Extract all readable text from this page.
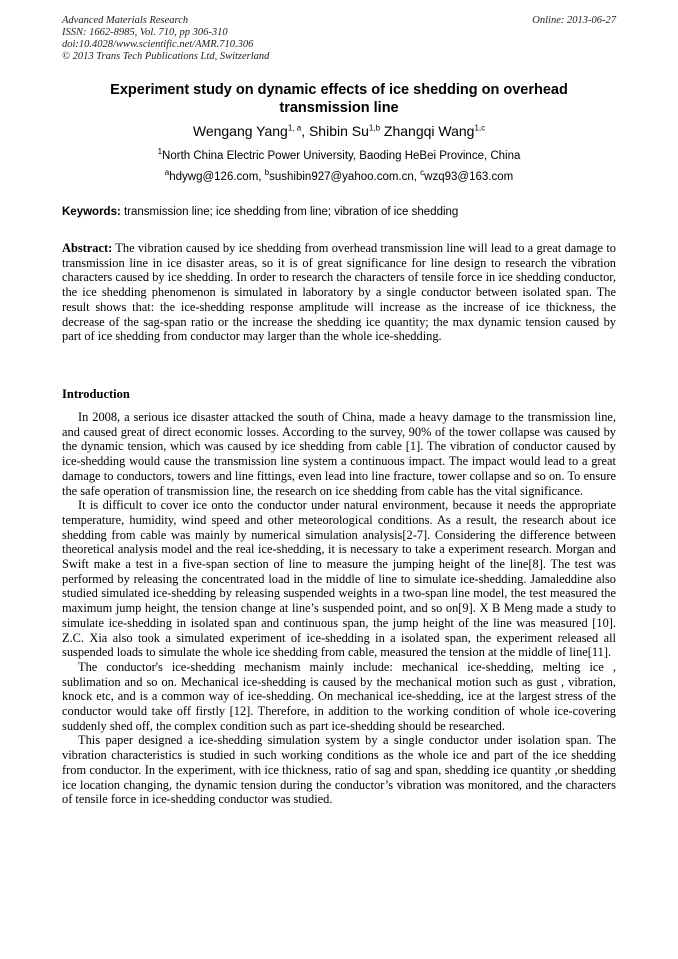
Advanced Materials Research
ISSN: 1662-8985, Vol. 710, pp 306-310
doi:10.4028/www.scientific.net/AMR.710.306
© 2013 Trans Tech Publications Ltd, Switzerland
Online: 2013-06-27
Experiment study on dynamic effects of ice shedding on overhead
transmission line
Wengang Yang$^{1, a}$, Shibin Su$^{1,b}$ Zhangqi Wang$^{1,c}$
$^1$North China Electric Power University, Baoding HeBei Province, China
$^a$hdywg@126.com, $^b$sushibin927@yahoo.com.cn, $^c$wzq93@163.com
Keywords: transmission line; ice shedding from line; vibration of ice shedding
Abstract: The vibration caused by ice shedding from overhead transmission line will lead to a great damage to transmission line in ice disaster areas, so it is of great significance for line design to research the vibration characters caused by ice shedding. In order to research the characters of tensile force in ice shedding conductor, the ice shedding phenomenon is simulated in laboratory by a single conductor between isolated span. The result shows that: the ice-shedding response amplitude will increase as the increase of ice thickness, the decrease of the sag-span ratio or the increase the shedding ice quantity; the max dynamic tension caused by part of ice shedding from conductor may larger than the whole ice-shedding.
Introduction

In 2008, a serious ice disaster attacked the south of China, made a heavy damage to the transmission line, and caused great of direct economic losses. According to the survey, 90% of the tower collapse was caused by the dynamic tension, which was caused by ice shedding from cable [1]. The vibration of conductor caused by ice-shedding would cause the transmission line system a continuous impact. The impact would lead to a great damage to conductors, towers and line fittings, even lead into line fracture, tower collapse and so on. To ensure the safe operation of transmission line, the research on ice shedding from cable has the vital significance.

It is difficult to cover ice onto the conductor under natural environment, because it needs the appropriate temperature, humidity, wind speed and other meteorological conditions. As a result, the research about ice shedding from cable was mainly by numerical simulation analysis[2-7]. Considering the difference between theoretical analysis model and the real ice-shedding, it is necessary to take a experiment research. Morgan and Swift make a test in a five-span section of line to measure the jumping height of the line[8]. The test was performed by releasing the concentrated load in the middle of line to simulate ice-shedding. Jamaleddine also studied simulated ice-shedding by releasing suspended weights in a two-span line model, the test measured the maximum jump height, the tension change at line’s suspended point, and so on[9]. X B Meng made a study to simulate ice-shedding in isolated span and continuous span, the jump height of the line was measured [10]. Z.C. Xia also took a simulated experiment of ice-shedding in a isolated span, the experiment released all suspended loads to simulate the whole ice shedding from cable, measured the tension at the middle of line[11].

The conductor's ice-shedding mechanism mainly include: mechanical ice-shedding, melting ice , sublimation and so on. Mechanical ice-shedding is caused by the mechanical motion such as gust , vibration, knock etc, and is a common way of ice-shedding. On mechanical ice-shedding, ice at the largest stress of the conductor would take off firstly [12]. Therefore, in addition to the working condition of whole ice-covering suddenly shed off, the complex condition such as part ice-shedding should be researched.

This paper designed a ice-shedding simulation system by a single conductor under isolation span. The vibration characteristics is studied in such working conditions as the whole ice and part of the ice shedding from conductor. In the experiment, with ice thickness, ratio of sag and span, shedding ice quantity ,or shedding ice location changing, the dynamic tension during the conductor’s vibration was monitored, and the characters of tensile force in ice-shedding conductor was studied.
